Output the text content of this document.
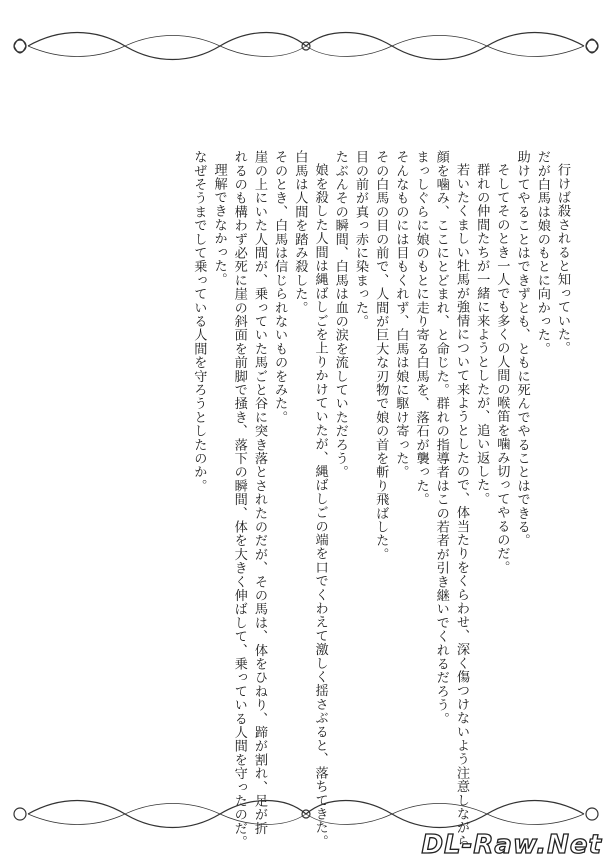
行けば殺されると知っていた。
だが白馬は娘のもとに向かった。
助けてやることはできずとも、ともに死んでやることはできる。
そしてそのとき一人でも多くの人間の喉笛を噛み切ってやるのだ。
群れの仲間たちが一緒に来ようとしたが、追い返した。
若いたくましい牡馬が強情について来ようとしたので、体当たりをくらわせ、深く傷つけないよう注意しながら
顔を噛み、ここにとどまれ、と命じた。群れの指導者はこの若者が引き継いでくれるだろう。
まっしぐらに娘のもとに走り寄る白馬を、落石が襲った。
そんなものには目もくれず、白馬は娘に駆け寄った。
その白馬の目の前で、人間が巨大な刃物で娘の首を斬り飛ばした。
目の前が真っ赤に染まった。
たぶんその瞬間、白馬は血の涙を流していただろう。
娘を殺した人間は縄ばしごを上りかけていたが、縄ばしごの端を口でくわえて激しく揺さぶると、落ちてきた。
白馬は人間を踏み殺した。
そのとき、白馬は信じられないものをみた。
崖の上にいた人間が、乗っていた馬ごと谷に突き落とされたのだが、その馬は、体をひねり、蹄が割れ、足が折
れるのも構わず必死に崖の斜面を前脚で掻き、落下の瞬間、体を大きく伸ばして、乗っている人間を守ったのだ。
理解できなかった。
なぜそうまでして乗っている人間を守ろうとしたのか。
DL-Raw.Net
